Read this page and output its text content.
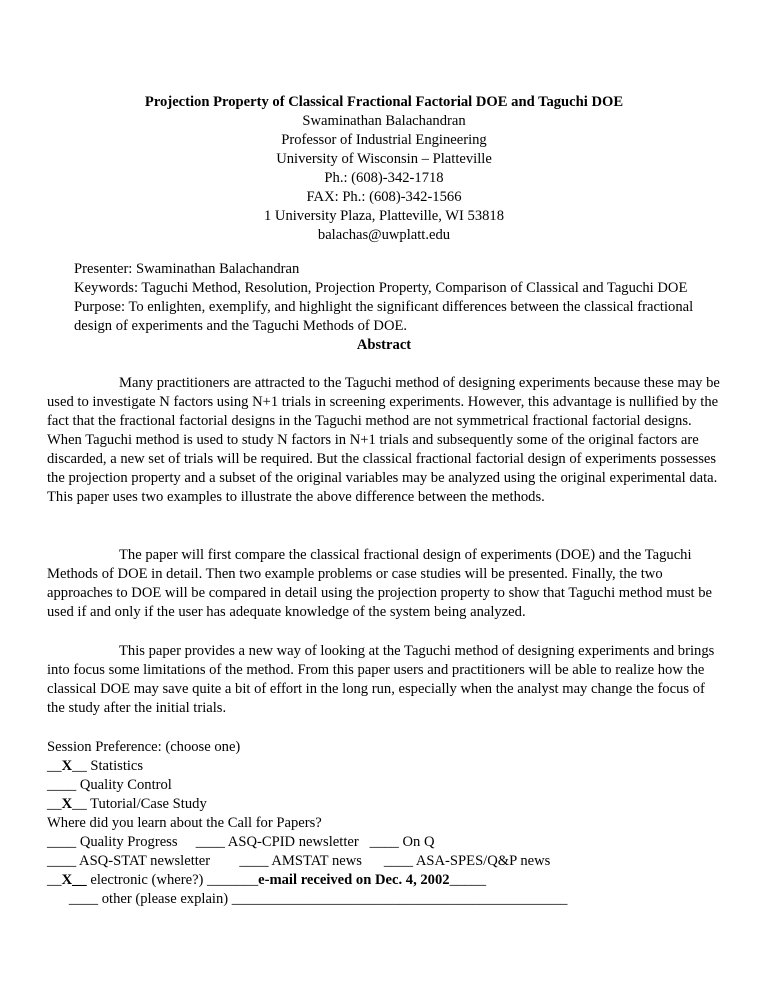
Projection Property of Classical Fractional Factorial DOE and Taguchi DOE
Swaminathan Balachandran
Professor of Industrial Engineering
University of Wisconsin – Platteville
Ph.: (608)-342-1718
FAX: Ph.: (608)-342-1566
1 University Plaza, Platteville, WI 53818
balachas@uwplatt.edu
Presenter: Swaminathan Balachandran
Keywords: Taguchi Method, Resolution, Projection Property, Comparison of Classical and Taguchi DOE
Purpose: To enlighten, exemplify, and highlight the significant differences between the classical fractional design of experiments and the Taguchi Methods of DOE.
Abstract

Many practitioners are attracted to the Taguchi method of designing experiments because these may be used to investigate N factors using N+1 trials in screening experiments. However, this advantage is nullified by the fact that the fractional factorial designs in the Taguchi method are not symmetrical fractional factorial designs. When Taguchi method is used to study N factors in N+1 trials and subsequently some of the original factors are discarded, a new set of trials will be required. But the classical fractional factorial design of experiments possesses the projection property and a subset of the original variables may be analyzed using the original experimental data. This paper uses two examples to illustrate the above difference between the methods.

The paper will first compare the classical fractional design of experiments (DOE) and the Taguchi Methods of DOE in detail. Then two example problems or case studies will be presented. Finally, the two approaches to DOE will be compared in detail using the projection property to show that Taguchi method must be used if and only if the user has adequate knowledge of the system being analyzed.

This paper provides a new way of looking at the Taguchi method of designing experiments and brings into focus some limitations of the method. From this paper users and practitioners will be able to realize how the classical DOE may save quite a bit of effort in the long run, especially when the analyst may change the focus of the study after the initial trials.

Session Preference: (choose one)
__X__ Statistics
____ Quality Control
__X__ Tutorial/Case Study
Where did you learn about the Call for Papers?
____ Quality Progress     ____ ASQ-CPID newsletter   ____ On Q
____ ASQ-STAT newsletter        ____ AMSTAT news      ____ ASA-SPES/Q&P news
__X__ electronic (where?) _______e-mail received on Dec. 4, 2002_____
____ other (please explain) ______________________________________________
